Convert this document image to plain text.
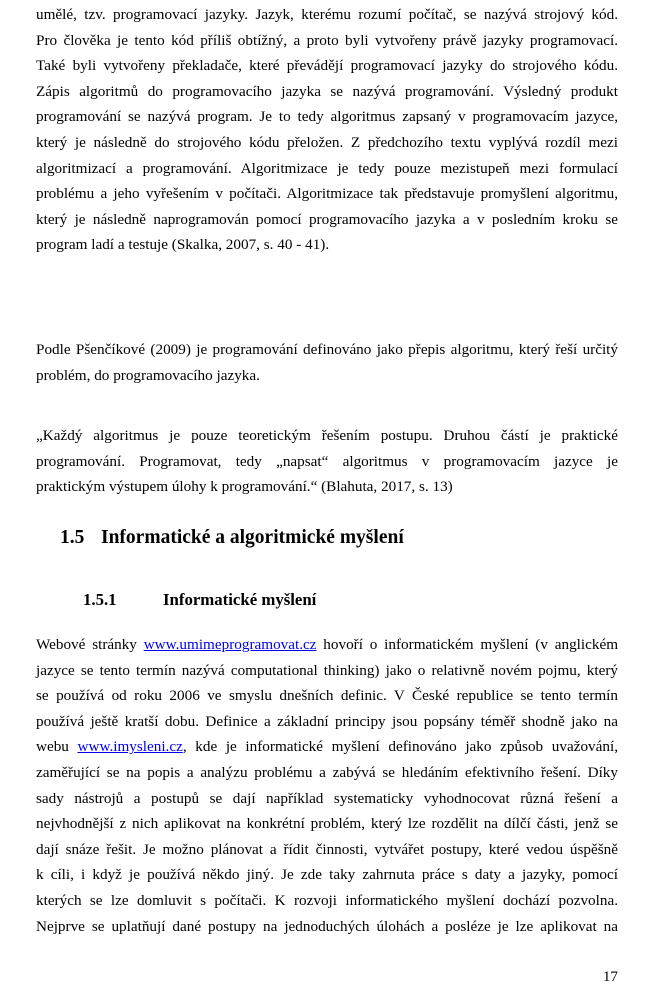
umělé, tzv. programovací jazyky. Jazyk, kterému rozumí počítač, se nazývá strojový kód.
Pro člověka je tento kód příliš obtížný, a proto byli vytvořeny právě jazyky programovací.
Také byli vytvořeny překladače, které převádějí programovací jazyky do strojového kódu.
Zápis algoritmů do programovacího jazyka se nazývá programování. Výsledný produkt
programování se nazývá program. Je to tedy algoritmus zapsaný v programovacím jazyce,
který je následně do strojového kódu přeložen. Z předchozího textu vyplývá rozdíl mezi
algoritmizací a programování. Algoritmizace je tedy pouze mezistupeň mezi formulací
problému a jeho vyřešením v počítači. Algoritmizace tak představuje promyšlení algoritmu,
který je následně naprogramován pomocí programovacího jazyka a v posledním kroku se
program ladí a testuje (Skalka, 2007, s. 40 - 41).

Podle Pšenčíkové (2009) je programování definováno jako přepis algoritmu, který řeší určitý
problém, do programovacího jazyka.

„Každý algoritmus je pouze teoretickým řešením postupu. Druhou částí je praktické
programování. Programovat, tedy „napsat“ algoritmus v programovacím jazyce je
praktickým výstupem úlohy k programování.“ (Blahuta, 2017, s. 13)

1.5 Informatické a algoritmické myšlení
1.5.1	Informatické myšlení

Webové stránky www.umimeprogramovat.cz hovoří o informatickém myšlení (v anglickém
jazyce se tento termín nazývá computational thinking) jako o relativně novém pojmu, který
se používá od roku 2006 ve smyslu dnešních definic. V České republice se tento termín
používá ještě kratší dobu. Definice a základní principy jsou popsány téměř shodně jako na
webu www.imysleni.cz, kde je informatické myšlení definováno jako způsob uvažování,
zaměřující se na popis a analýzu problému a zabývá se hledáním efektivního řešení. Díky
sady nástrojů a postupů se dají například systematicky vyhodnocovat různá řešení a
nejvhodnější z nich aplikovat na konkrétní problém, který lze rozdělit na dílčí části, jenž se
dají snáze řešit. Je možno plánovat a řídit činnosti, vytvářet postupy, které vedou úspěšně
k cíli, i když je používá někdo jiný. Je zde taky zahrnuta práce s daty a jazyky, pomocí
kterých se lze domluvit s počítači. K rozvoji informatického myšlení dochází pozvolna.
Nejprve se uplatňují dané postupy na jednoduchých úlohách a posléze je lze aplikovat na

17
